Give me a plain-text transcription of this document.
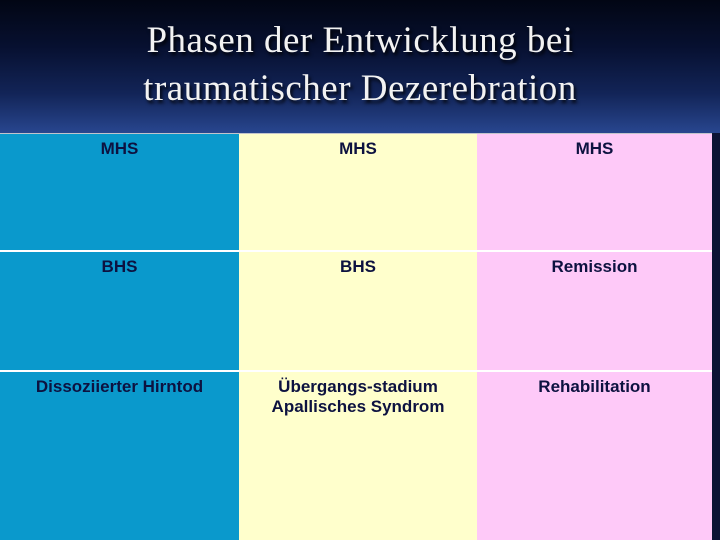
Phasen der Entwicklung bei
traumatischer Dezerebration
MHS
BHS
Dissoziierter Hirntod
MHS
BHS
Übergangs-stadium
Apallisches Syndrom
MHS
Remission
Rehabilitation
